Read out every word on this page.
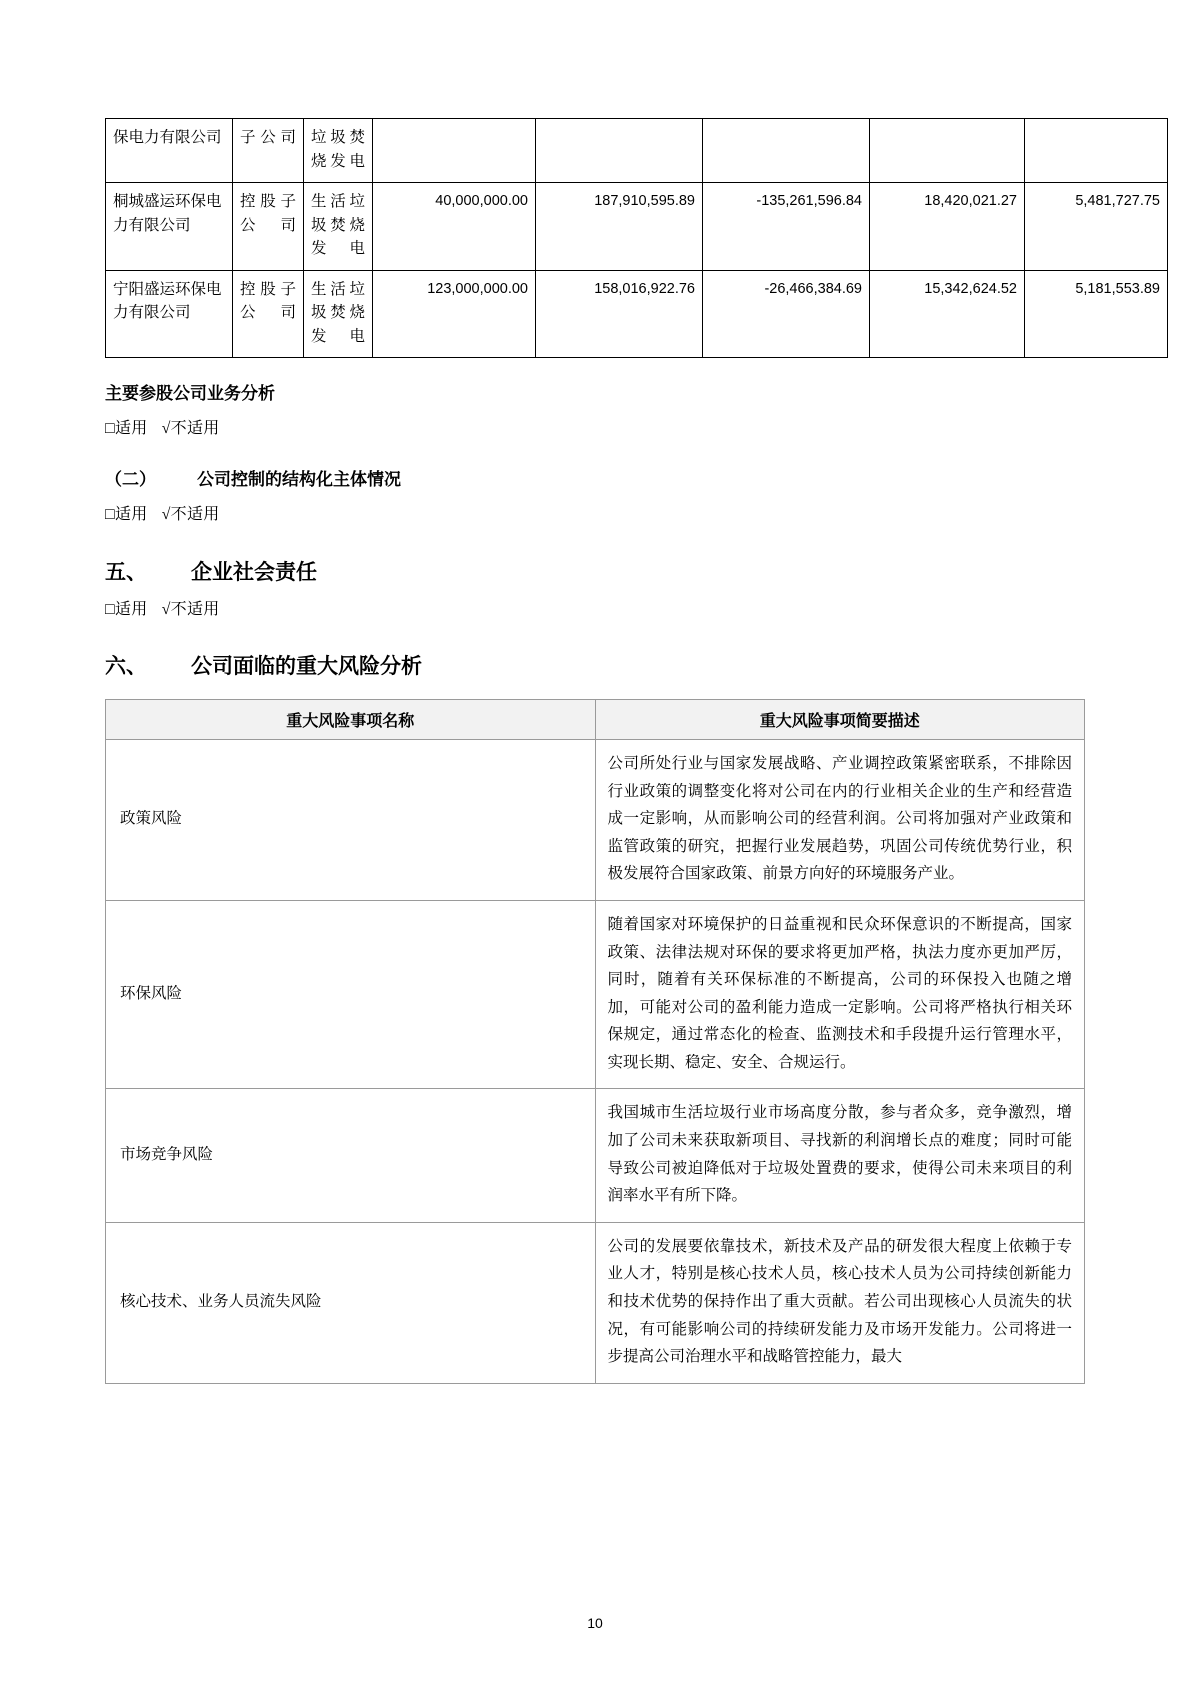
保电力有限公司	子公司	垃圾焚烧发电					
桐城盛运环保电力有限公司	控股子公司	生活垃圾焚烧发电	40,000,000.00	187,910,595.89	-135,261,596.84	18,420,021.27	5,481,727.75
宁阳盛运环保电力有限公司	控股子公司	生活垃圾焚烧发电	123,000,000.00	158,016,922.76	-26,466,384.69	15,342,624.52	5,181,553.89
主要参股公司业务分析
□适用 √不适用
（二） 公司控制的结构化主体情况
□适用 √不适用
五、 企业社会责任
□适用 √不适用
六、 公司面临的重大风险分析
重大风险事项名称	重大风险事项简要描述
政策风险	公司所处行业与国家发展战略、产业调控政策紧密联系，不排除因行业政策的调整变化将对公司在内的行业相关企业的生产和经营造成一定影响，从而影响公司的经营利润。公司将加强对产业政策和监管政策的研究，把握行业发展趋势，巩固公司传统优势行业，积极发展符合国家政策、前景方向好的环境服务产业。
环保风险	随着国家对环境保护的日益重视和民众环保意识的不断提高，国家政策、法律法规对环保的要求将更加严格，执法力度亦更加严厉，同时，随着有关环保标准的不断提高，公司的环保投入也随之增加，可能对公司的盈利能力造成一定影响。公司将严格执行相关环保规定，通过常态化的检查、监测技术和手段提升运行管理水平，实现长期、稳定、安全、合规运行。
市场竞争风险	我国城市生活垃圾行业市场高度分散，参与者众多，竞争激烈，增加了公司未来获取新项目、寻找新的利润增长点的难度；同时可能导致公司被迫降低对于垃圾处置费的要求，使得公司未来项目的利润率水平有所下降。
核心技术、业务人员流失风险	公司的发展要依靠技术，新技术及产品的研发很大程度上依赖于专业人才，特别是核心技术人员，核心技术人员为公司持续创新能力和技术优势的保持作出了重大贡献。若公司出现核心人员流失的状况，有可能影响公司的持续研发能力及市场开发能力。公司将进一步提高公司治理水平和战略管控能力，最大
10
